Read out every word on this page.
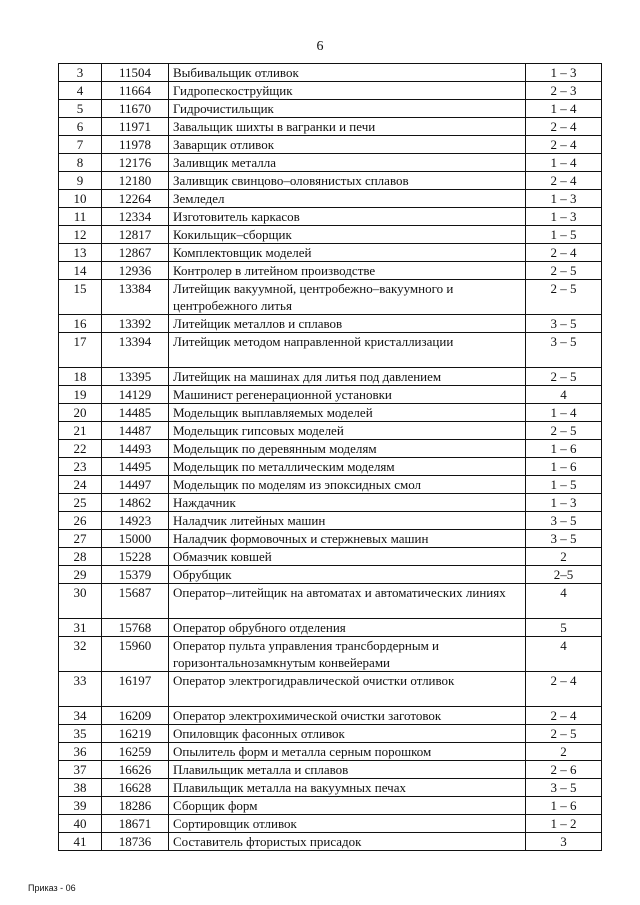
6
3	11504	Выбивальщик отливок	1 – 3
4	11664	Гидропескоструйщик	2 – 3
5	11670	Гидрочистильщик	1 – 4
6	11971	Завальщик шихты в вагранки и печи	2 – 4
7	11978	Заварщик отливок	2 – 4
8	12176	Заливщик металла	1 – 4
9	12180	Заливщик свинцово–оловянистых сплавов	2 – 4
10	12264	Земледел	1 – 3
11	12334	Изготовитель каркасов	1 – 3
12	12817	Кокильщик–сборщик	1 – 5
13	12867	Комплектовщик моделей	2 – 4
14	12936	Контролер в литейном производстве	2 – 5
15	13384	Литейщик вакуумной, центробежно–вакуумного и центробежного литья	2 – 5
16	13392	Литейщик металлов и сплавов	3 – 5
17	13394	Литейщик методом направленной кристаллизации	3 – 5
18	13395	Литейщик на машинах для литья под давлением	2 – 5
19	14129	Машинист регенерационной установки	4
20	14485	Модельщик выплавляемых моделей	1 – 4
21	14487	Модельщик гипсовых моделей	2 – 5
22	14493	Модельщик по деревянным моделям	1 – 6
23	14495	Модельщик по металлическим моделям	1 – 6
24	14497	Модельщик по моделям из эпоксидных смол	1 – 5
25	14862	Наждачник	1 – 3
26	14923	Наладчик литейных машин	3 – 5
27	15000	Наладчик формовочных и стержневых машин	3 – 5
28	15228	Обмазчик ковшей	2
29	15379	Обрубщик	2–5
30	15687	Оператор–литейщик на автоматах и автоматических линиях	4
31	15768	Оператор обрубного отделения	5
32	15960	Оператор пульта управления трансбордерным и горизонтальнозамкнутым конвейерами	4
33	16197	Оператор электрогидравлической очистки отливок	2 – 4
34	16209	Оператор электрохимической очистки заготовок	2 – 4
35	16219	Опиловщик фасонных отливок	2 – 5
36	16259	Опылитель форм и металла серным порошком	2
37	16626	Плавильщик металла и сплавов	2 – 6
38	16628	Плавильщик металла на вакуумных печах	3 – 5
39	18286	Сборщик форм	1 – 6
40	18671	Сортировщик отливок	1 – 2
41	18736	Составитель фтористых присадок	3
Приказ - 06
